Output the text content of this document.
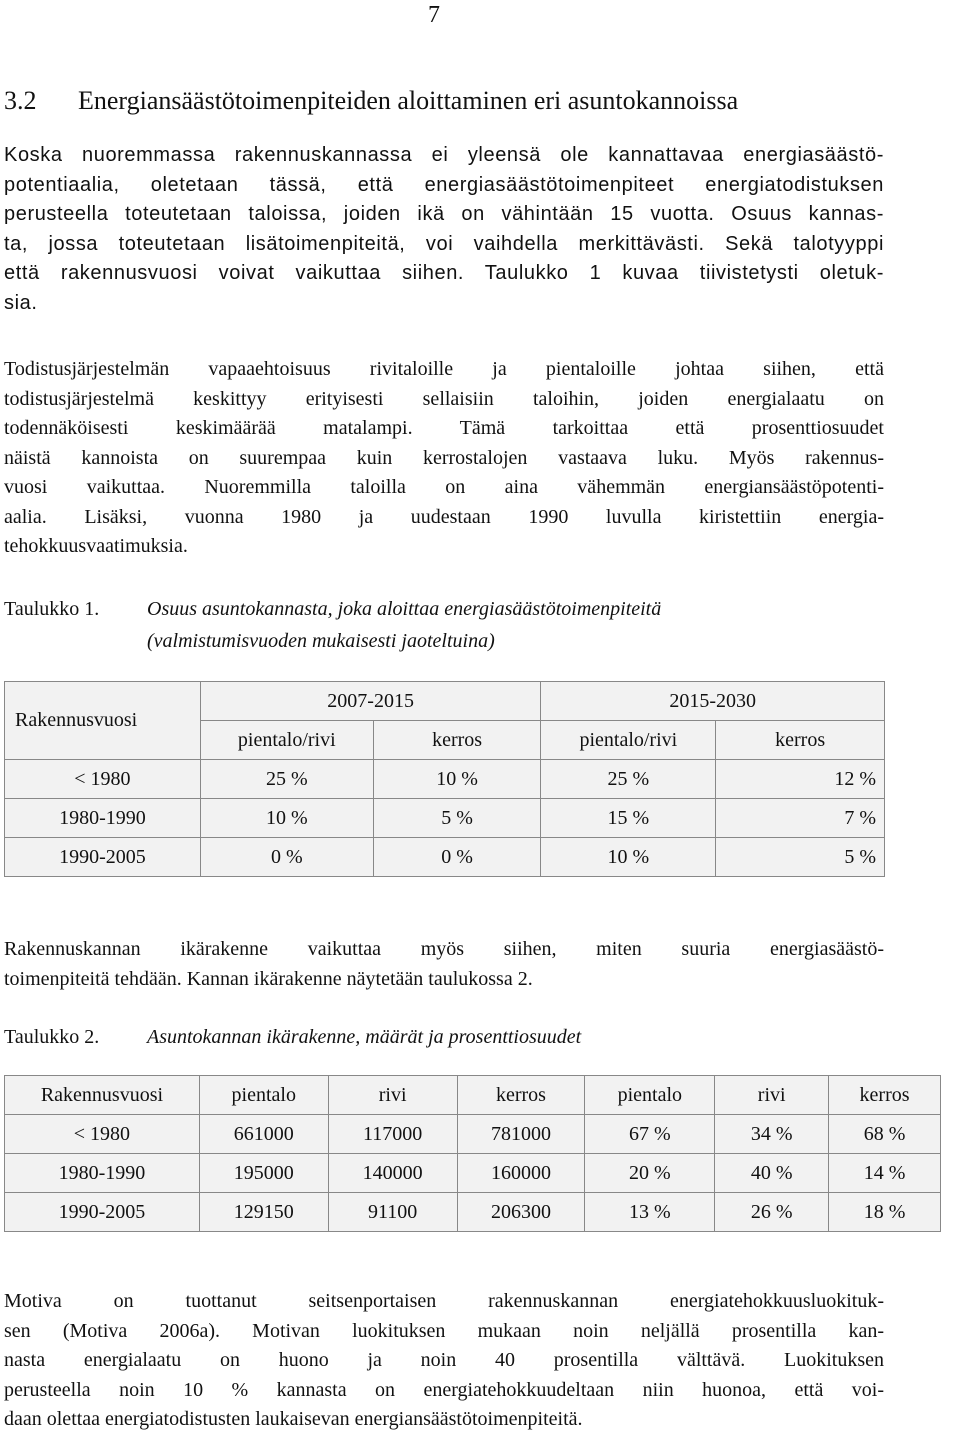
7
3.2 Energiansäästötoimenpiteiden aloittaminen eri asuntokannoissa
Koska nuoremmassa rakennuskannassa ei yleensä ole kannattavaa energiasäästö-
potentiaalia, oletetaan tässä, että energiasäästötoimenpiteet energiatodistuksen
perusteella toteutetaan taloissa, joiden ikä on vähintään 15 vuotta. Osuus kannas-
ta, jossa toteutetaan lisätoimenpiteitä, voi vaihdella merkittävästi. Sekä talotyyppi
että rakennusvuosi voivat vaikuttaa siihen. Taulukko 1 kuvaa tiivistetysti oletuk-
sia.
Todistusjärjestelmän vapaaehtoisuus rivitaloille ja pientaloille johtaa siihen, että
todistusjärjestelmä keskittyy erityisesti sellaisiin taloihin, joiden energialaatu on
todennäköisesti keskimäärää matalampi. Tämä tarkoittaa että prosenttiosuudet
näistä kannoista on suurempaa kuin kerrostalojen vastaava luku. Myös rakennus-
vuosi vaikuttaa. Nuoremmilla taloilla on aina vähemmän energiansäästöpotenti-
aalia. Lisäksi, vuonna 1980 ja uudestaan 1990 luvulla kiristettiin energia-
tehokkuusvaatimuksia.
Taulukko 1. Osuus asuntokannasta, joka aloittaa energiasäästötoimenpiteitä
(valmistumisvuoden mukaisesti jaoteltuina)
Rakennusvuosi	2007-2015		2015-2030	
	pientalo/rivi	kerros	pientalo/rivi	kerros
< 1980	25 %	10 %	25 %	12 %
1980-1990	10 %	5 %	15 %	7 %
1990-2005	0 %	0 %	10 %	5 %
Rakennuskannan ikärakenne vaikuttaa myös siihen, miten suuria energiasäästö-
toimenpiteitä tehdään. Kannan ikärakenne näytetään taulukossa 2.
Taulukko 2. Asuntokannan ikärakenne, määrät ja prosenttiosuudet
Rakennusvuosi	pientalo	rivi	kerros	pientalo	rivi	kerros
< 1980	661000	117000	781000	67 %	34 %	68 %
1980-1990	195000	140000	160000	20 %	40 %	14 %
1990-2005	129150	91100	206300	13 %	26 %	18 %
Motiva on tuottanut seitsenportaisen rakennuskannan energiatehokkuusluokituk-
sen (Motiva 2006a). Motivan luokituksen mukaan noin neljällä prosentilla kan-
nasta energialaatu on huono ja noin 40 prosentilla välttävä. Luokituksen
perusteella noin 10 % kannasta on energiatehokkuudeltaan niin huonoa, että voi-
daan olettaa energiatodistusten laukaisevan energiansäästötoimenpiteitä.
